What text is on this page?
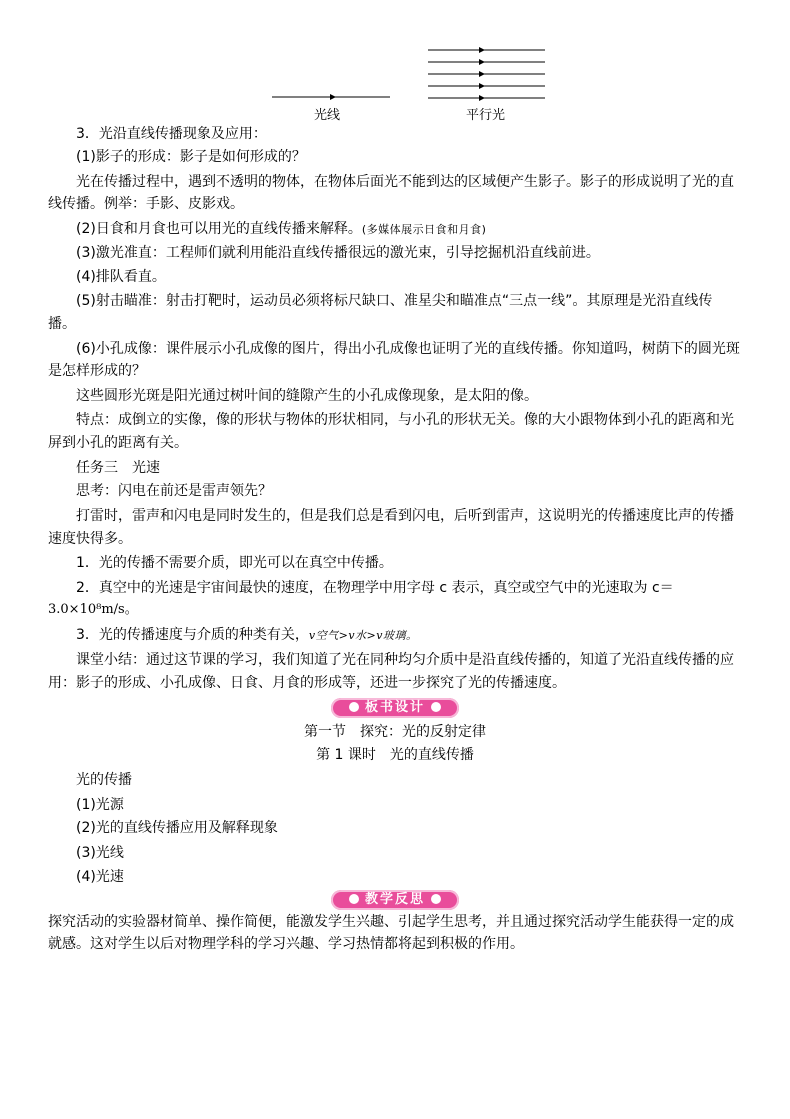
光线	平行光
3．光沿直线传播现象及应用：
(1)影子的形成：影子是如何形成的？
光在传播过程中，遇到不透明的物体，在物体后面光不能到达的区域便产生影子。影子的形成说明了光的直
线传播。例举：手影、皮影戏。
(2)日食和月食也可以用光的直线传播来解释。(多媒体展示日食和月食)
(3)激光准直：工程师们就利用能沿直线传播很远的激光束，引导挖掘机沿直线前进。
(4)排队看直。
(5)射击瞄准：射击打靶时，运动员必须将标尺缺口、准星尖和瞄准点“三点一线”。其原理是光沿直线传
播。
(6)小孔成像：课件展示小孔成像的图片，得出小孔成像也证明了光的直线传播。你知道吗，树荫下的圆光斑
是怎样形成的？
这些圆形光斑是阳光通过树叶间的缝隙产生的小孔成像现象，是太阳的像。
特点：成倒立的实像，像的形状与物体的形状相同，与小孔的形状无关。像的大小跟物体到小孔的距离和光
屏到小孔的距离有关。
任务三　光速
思考：闪电在前还是雷声领先？
打雷时，雷声和闪电是同时发生的，但是我们总是看到闪电，后听到雷声，这说明光的传播速度比声的传播
速度快得多。
1．光的传播不需要介质，即光可以在真空中传播。
2．真空中的光速是宇宙间最快的速度，在物理学中用字母 c 表示，真空或空气中的光速取为 c＝
3.0×10⁸m/s。
3．光的传播速度与介质的种类有关，v空气>v水>v玻璃。
课堂小结：通过这节课的学习，我们知道了光在同种均匀介质中是沿直线传播的，知道了光沿直线传播的应
用：影子的形成、小孔成像、日食、月食的形成等，还进一步探究了光的传播速度。
板书设计
第一节　探究：光的反射定律
第 1 课时　光的直线传播
光的传播
(1)光源
(2)光的直线传播应用及解释现象
(3)光线
(4)光速
教学反思
探究活动的实验器材简单、操作简便，能激发学生兴趣、引起学生思考，并且通过探究活动学生能获得一定的成
就感。这对学生以后对物理学科的学习兴趣、学习热情都将起到积极的作用。
